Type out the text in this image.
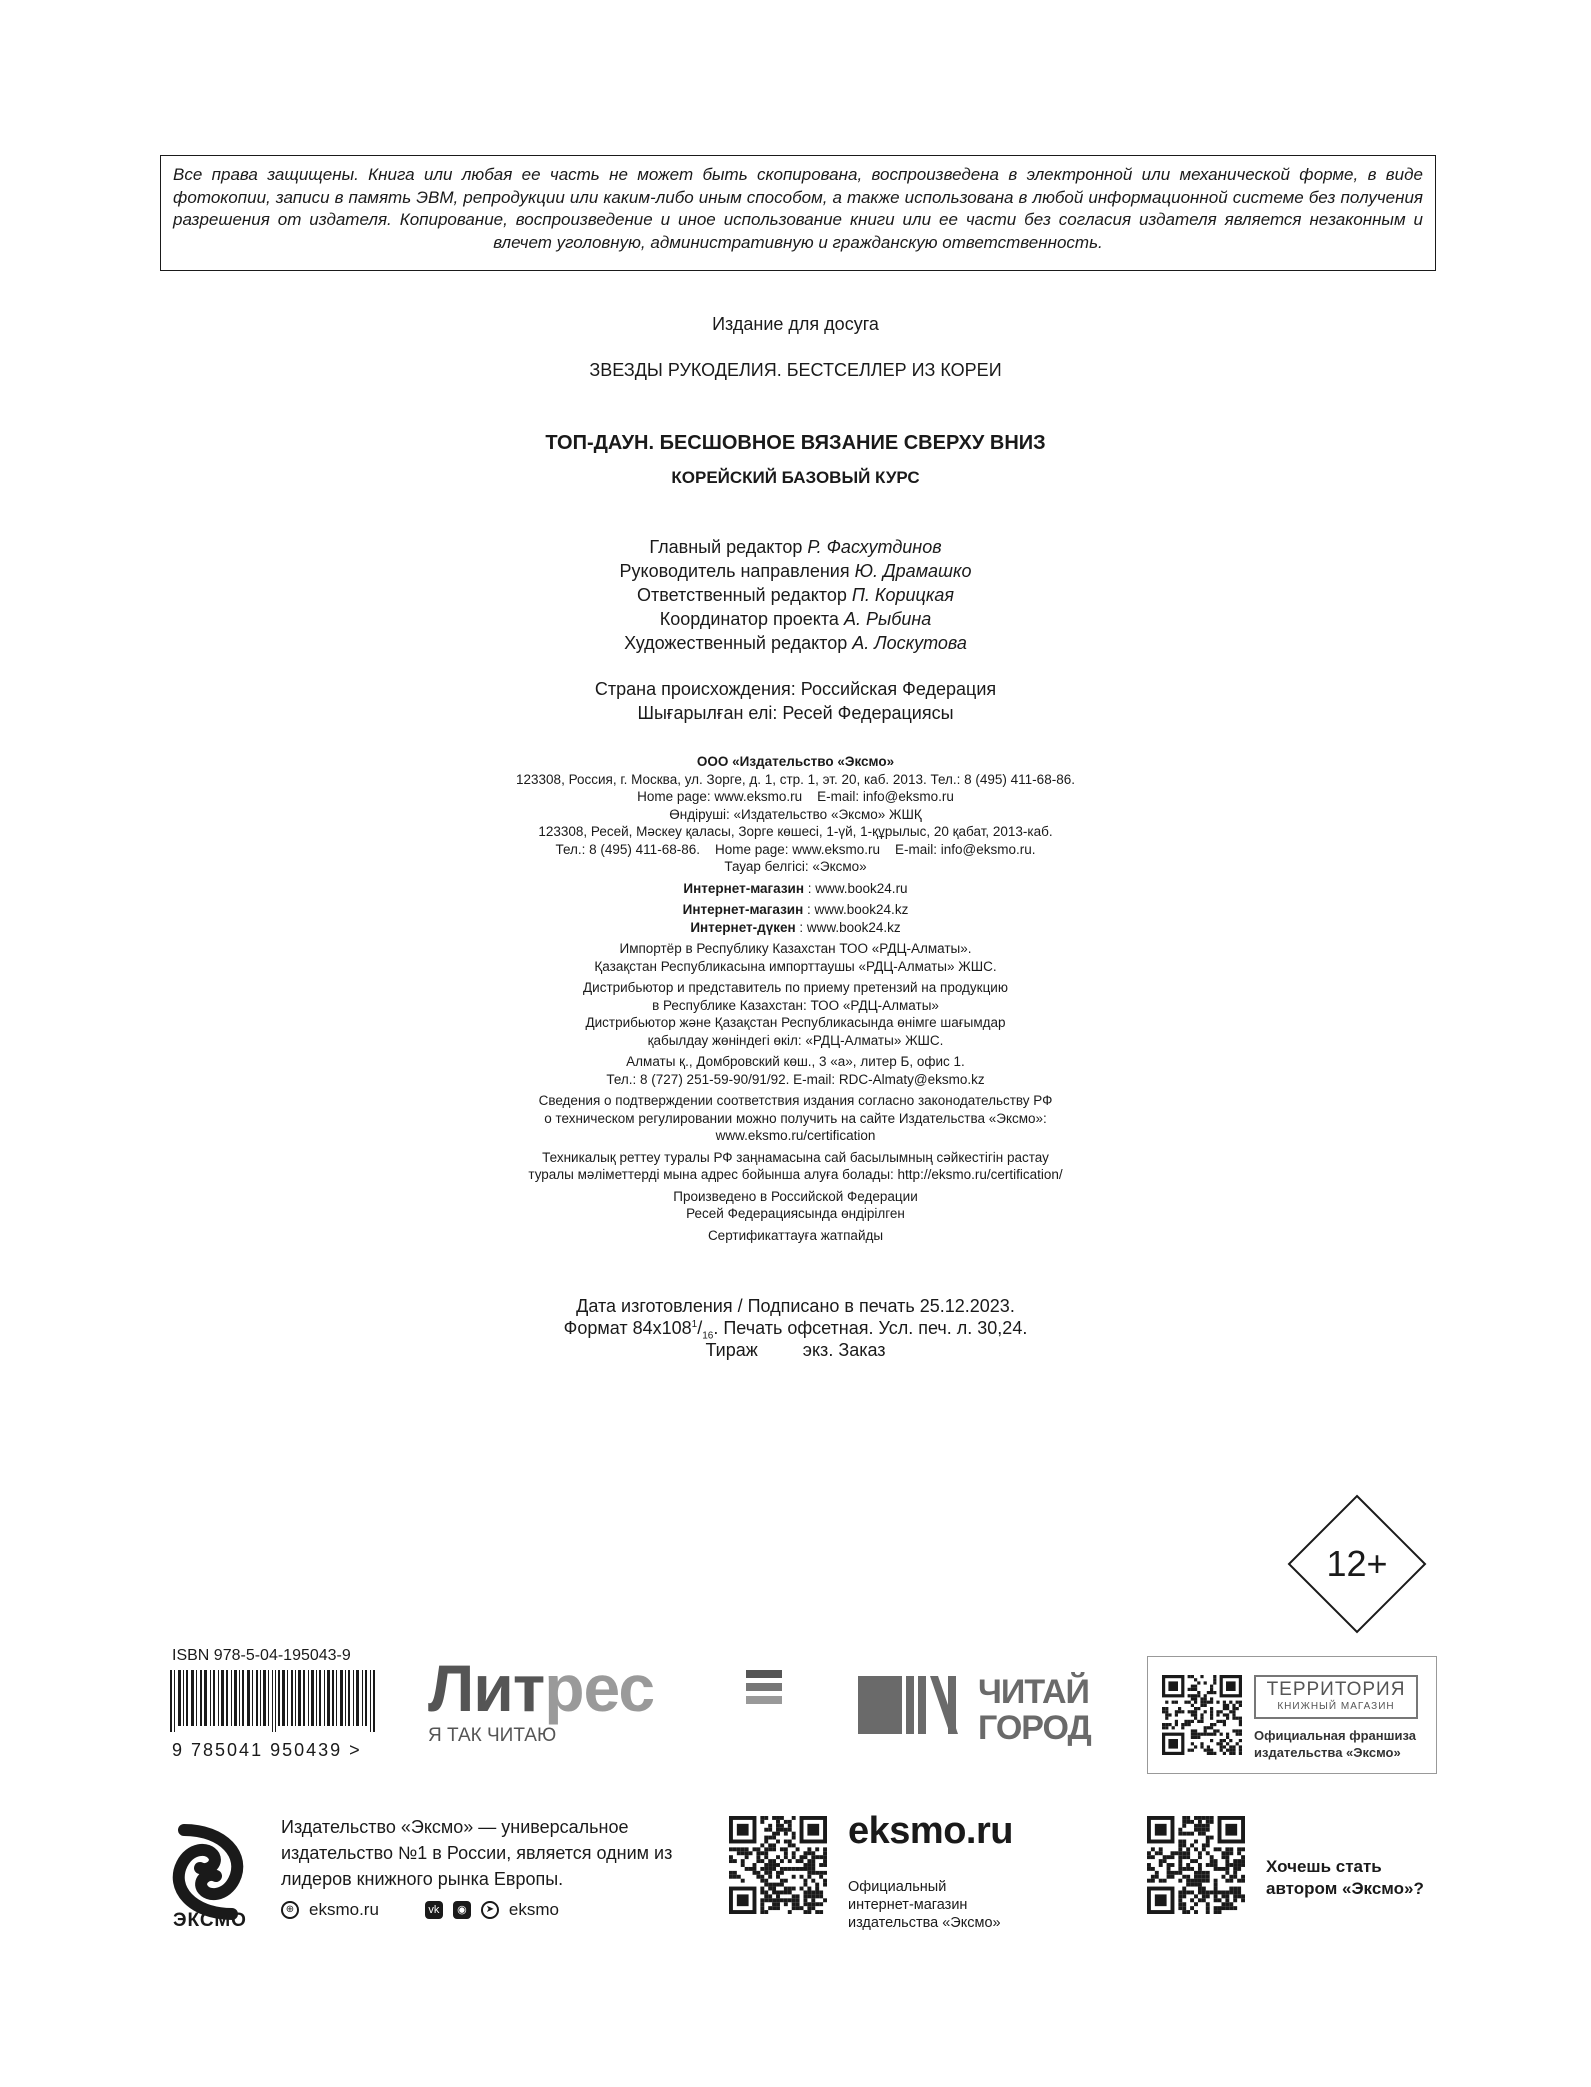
Все права защищены. Книга или любая ее часть не может быть скопирована, воспроизведена в электронной или механической форме, в виде фотокопии, записи в память ЭВМ, репродукции или каким-либо иным способом, а также использована в любой информационной системе без получения разрешения от издателя. Копирование, воспроизведение и иное использование книги или ее части без согласия издателя является незаконным и влечет уголовную, административную и гражданскую ответственность.
Издание для досуга
ЗВЕЗДЫ РУКОДЕЛИЯ. БЕСТСЕЛЛЕР ИЗ КОРЕИ
ТОП-ДАУН. БЕСШОВНОЕ ВЯЗАНИЕ СВЕРХУ ВНИЗ
КОРЕЙСКИЙ БАЗОВЫЙ КУРС
Главный редактор Р. Фасхутдинов
Руководитель направления Ю. Драмашко
Ответственный редактор П. Корицкая
Координатор проекта А. Рыбина
Художественный редактор А. Лоскутова
Страна происхождения: Российская Федерация
Шығарылған елі: Ресей Федерациясы
ООО «Издательство «Эксмо»
123308, Россия, г. Москва, ул. Зорге, д. 1, стр. 1, эт. 20, каб. 2013. Тел.: 8 (495) 411-68-86.
Home page: www.eksmo.ru    E-mail: info@eksmo.ru
Өндіруші: «Издательство «Эксмо» ЖШҚ
123308, Ресей, Мәскеу қаласы, Зорге көшесі, 1-үй, 1-құрылыс, 20 қабат, 2013-каб.
Тел.: 8 (495) 411-68-86.    Home page: www.eksmo.ru    E-mail: info@eksmo.ru.
Тауар белгісі: «Эксмо»
Интернет-магазин : www.book24.ru
Интернет-магазин : www.book24.kz
Интернет-дүкен : www.book24.kz
Импортёр в Республику Казахстан ТОО «РДЦ-Алматы».
Қазақстан Республикасына импорттаушы «РДЦ-Алматы» ЖШС.
Дистрибьютор и представитель по приему претензий на продукцию
в Республике Казахстан: ТОО «РДЦ-Алматы»
Дистрибьютор және Қазақстан Республикасында өнімге шағымдар
қабылдау жөніндегі өкіл: «РДЦ-Алматы» ЖШС.
Алматы қ., Домбровский көш., 3 «а», литер Б, офис 1.
Тел.: 8 (727) 251-59-90/91/92. E-mail: RDC-Almaty@eksmo.kz
Сведения о подтверждении соответствия издания согласно законодательству РФ
о техническом регулировании можно получить на сайте Издательства «Эксмо»:
www.eksmo.ru/certification
Техникалық реттеу туралы РФ заңнамасына сай басылымның сәйкестігін растау
туралы мәліметтерді мына адрес бойынша алуға болады: http://eksmo.ru/certification/
Произведено в Российской Федерации
Ресей Федерациясында өндірілген
Сертификаттауға жатпайды
Дата изготовления / Подписано в печать 25.12.2023.
Формат $84x108^1/_{16}$. Печать офсетная. Усл. печ. л. 30,24.
Тираж         экз. Заказ
12+
ISBN 978-5-04-195043-9
9 785041 950439 >
Литрес
Я ТАК ЧИТАЮ
ЧИТАЙ
ГОРОД
ТЕРРИТОРИЯ
КНИЖНЫЙ МАГАЗИН
Официальная франшиза
издательства «Эксмо»
ЭКСМО
Издательство «Эксмо» — универсальное издательство №1 в России, является одним из лидеров книжного рынка Европы.
⊕ eksmo.ru	vk	◉	➤ eksmo
eksmo.ru
Официальный
интернет-магазин
издательства «Эксмо»
Хочешь стать
автором «Эксмо»?
